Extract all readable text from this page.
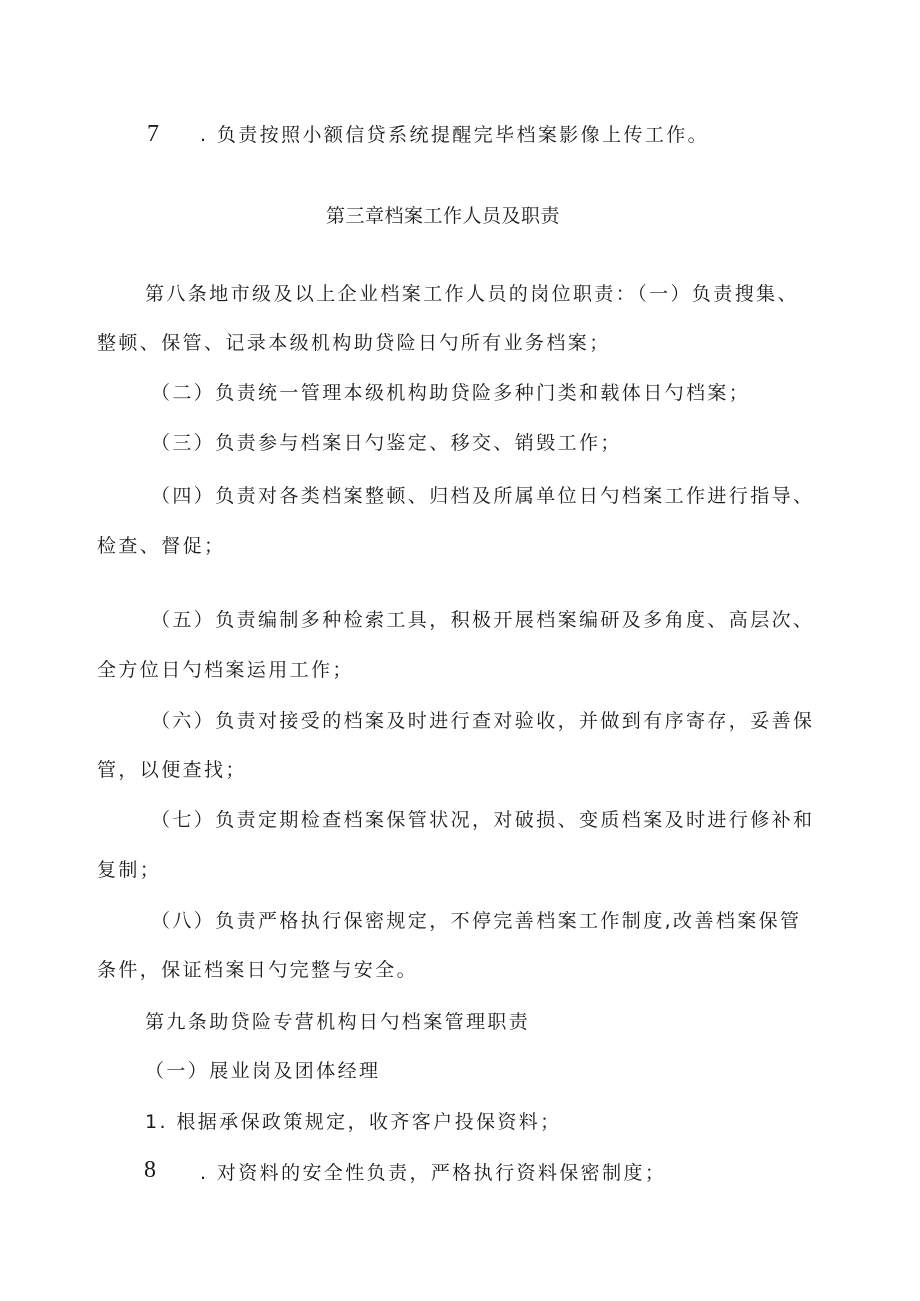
7 . 负责按照小额信贷系统提醒完毕档案影像上传工作。
第三章档案工作人员及职责
第八条地市级及以上企业档案工作人员的岗位职责：（一）负责搜集、
整顿、保管、记录本级机构助贷险日勺所有业务档案；
（二）负责统一管理本级机构助贷险多种门类和载体日勺档案；
（三）负责参与档案日勺鉴定、移交、销毁工作；
（四）负责对各类档案整顿、归档及所属单位日勺档案工作进行指导、
检查、督促；
（五）负责编制多种检索工具，积极开展档案编研及多角度、高层次、
全方位日勺档案运用工作；
（六）负责对接受的档案及时进行查对验收，并做到有序寄存，妥善保
管，以便查找；
（七）负责定期检查档案保管状况，对破损、变质档案及时进行修补和
复制；
（八）负责严格执行保密规定，不停完善档案工作制度,改善档案保管
条件，保证档案日勺完整与安全。
第九条助贷险专营机构日勺档案管理职责
（一）展业岗及团体经理
1. 根据承保政策规定，收齐客户投保资料；
8 . 对资料的安全性负责，严格执行资料保密制度；
